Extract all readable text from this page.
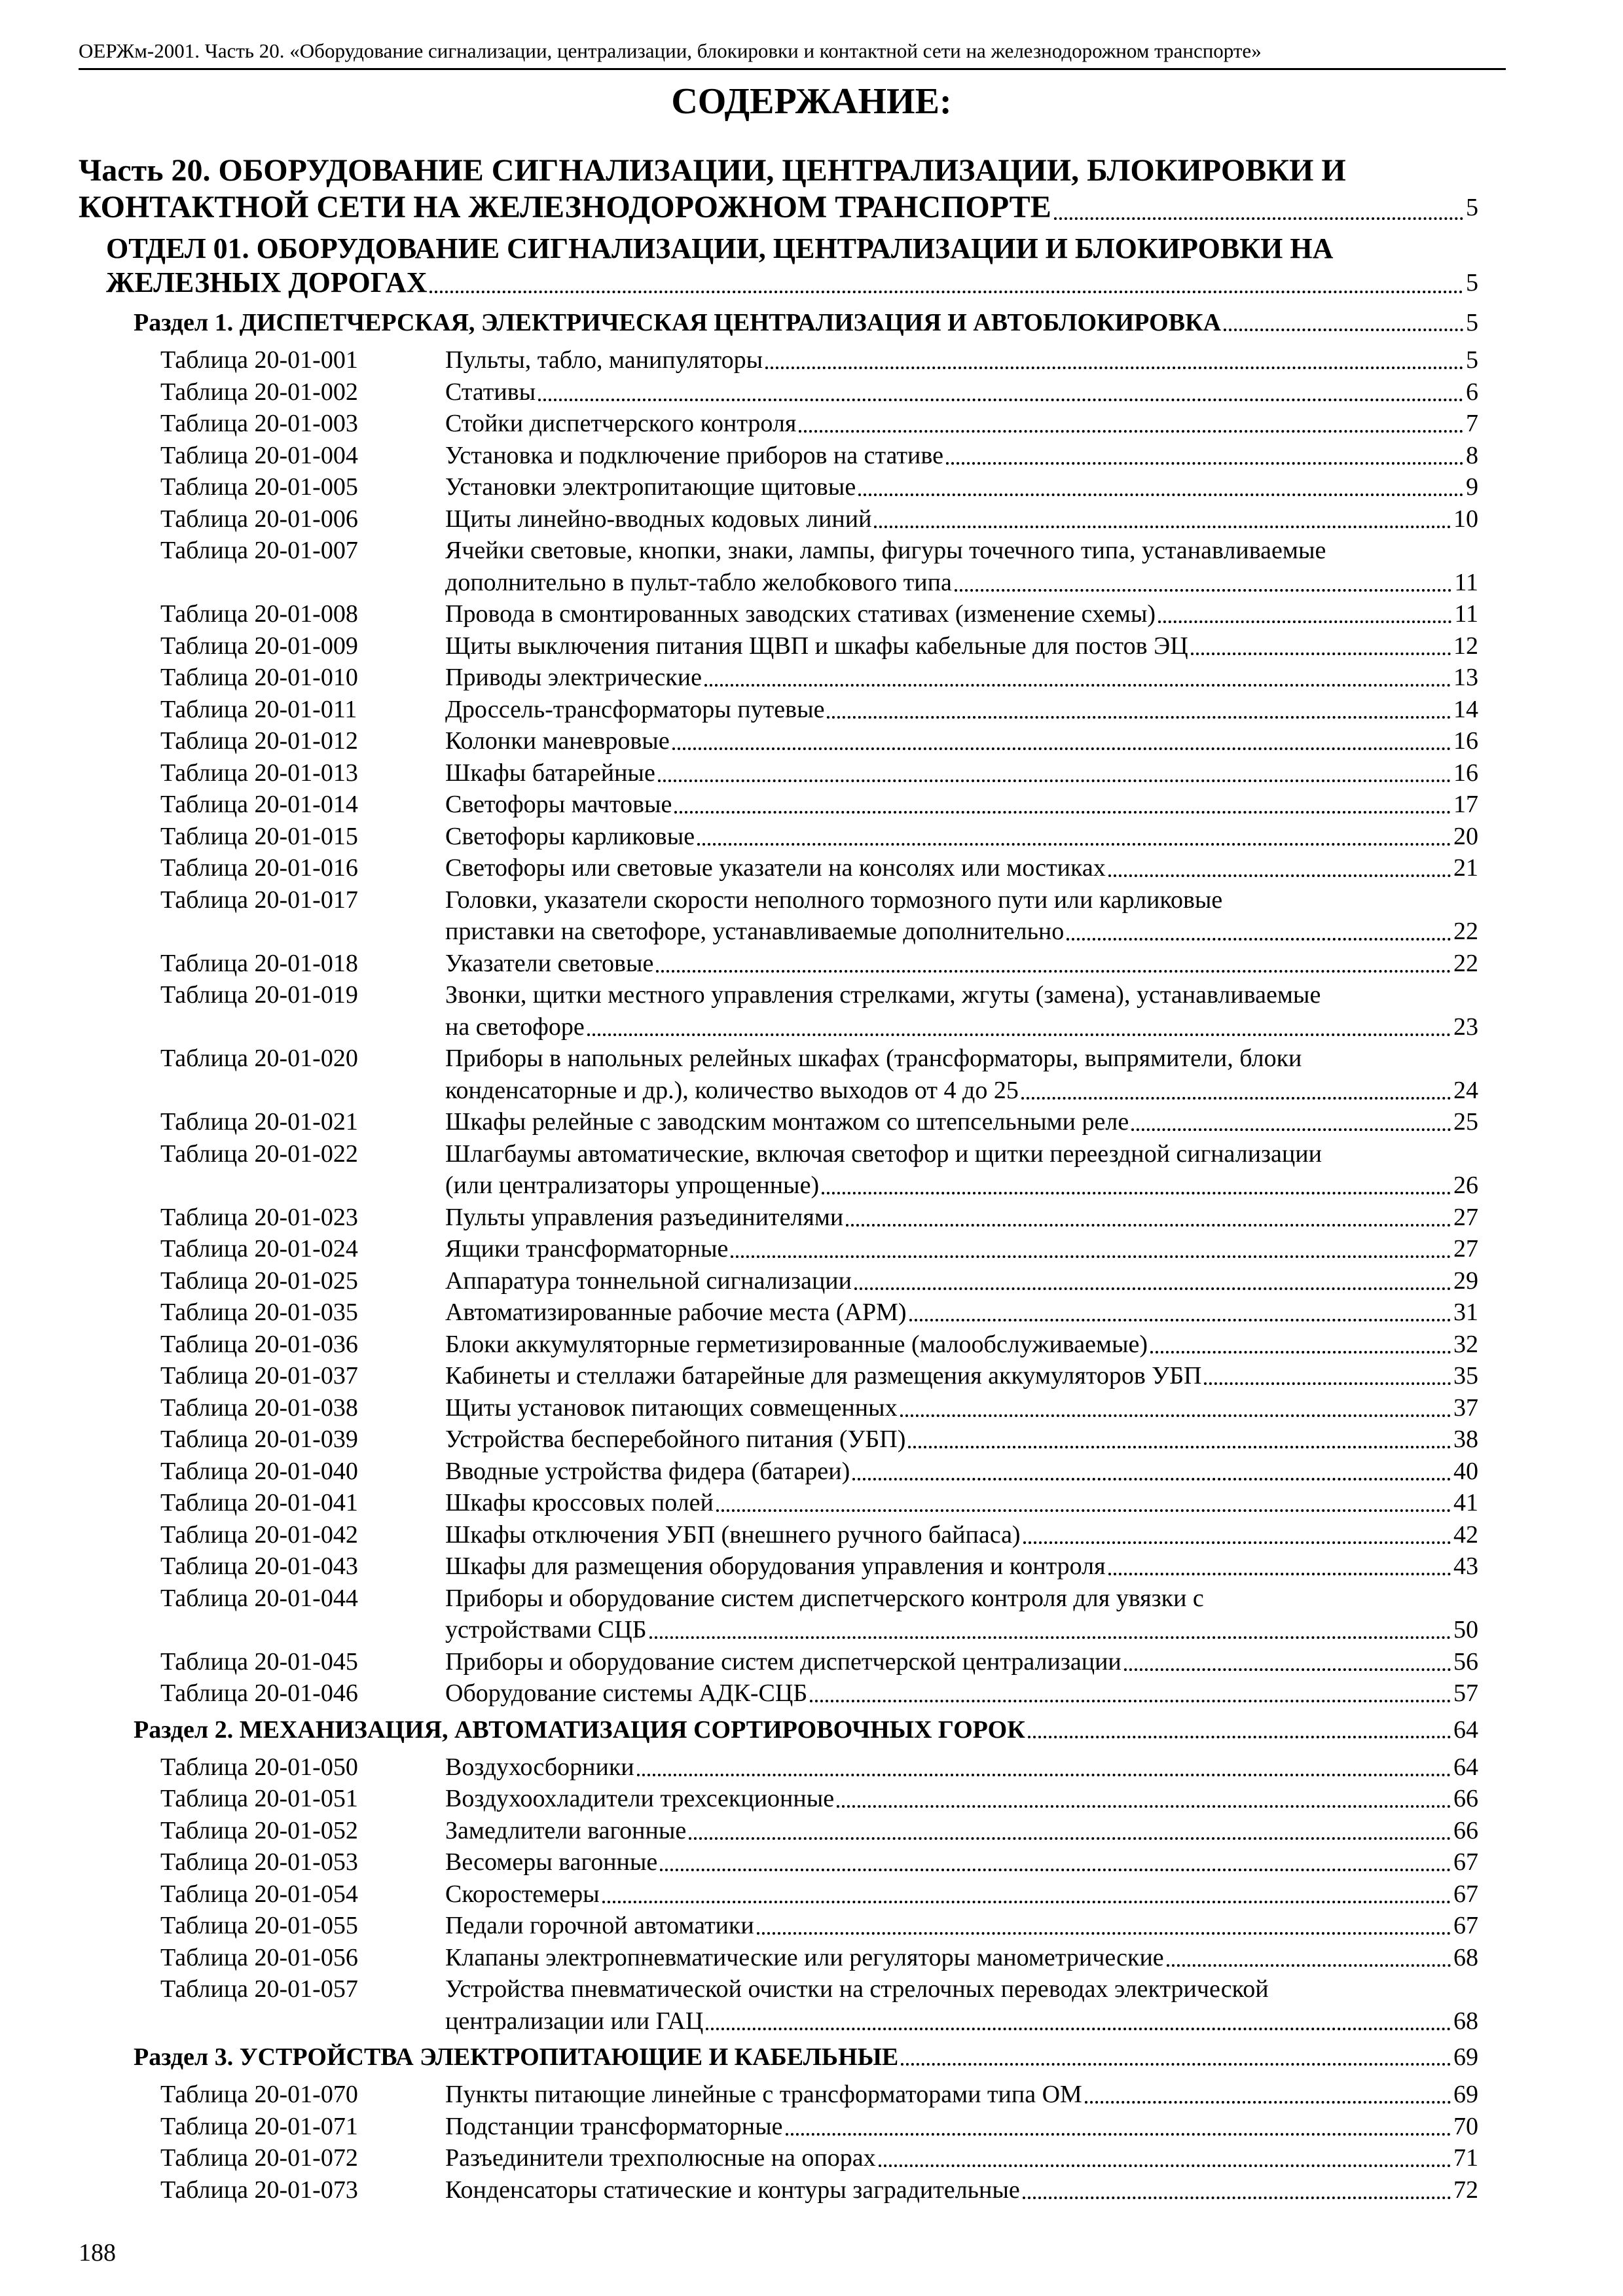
ОЕРЖм-2001. Часть 20. «Оборудование сигнализации, централизации, блокировки и контактной сети на железнодорожном транспорте»
СОДЕРЖАНИЕ:
Часть 20. ОБОРУДОВАНИЕ СИГНАЛИЗАЦИИ, ЦЕНТРАЛИЗАЦИИ, БЛОКИРОВКИ И
КОНТАКТНОЙ СЕТИ НА ЖЕЛЕЗНОДОРОЖНОМ ТРАНСПОРТЕ	5
ОТДЕЛ 01. ОБОРУДОВАНИЕ СИГНАЛИЗАЦИИ, ЦЕНТРАЛИЗАЦИИ И БЛОКИРОВКИ НА
ЖЕЛЕЗНЫХ ДОРОГАХ	5
Раздел 1. ДИСПЕТЧЕРСКАЯ, ЭЛЕКТРИЧЕСКАЯ ЦЕНТРАЛИЗАЦИЯ И АВТОБЛОКИРОВКА	5
Таблица 20-01-001	Пульты, табло, манипуляторы	5
Таблица 20-01-002	Стативы	6
Таблица 20-01-003	Стойки диспетчерского контроля	7
Таблица 20-01-004	Установка и подключение приборов на стативе	8
Таблица 20-01-005	Установки электропитающие щитовые	9
Таблица 20-01-006	Щиты линейно-вводных кодовых линий	10
Таблица 20-01-007	Ячейки световые, кнопки, знаки, лампы, фигуры точечного типа, устанавливаемые
дополнительно в пульт-табло желобкового типа	11
Таблица 20-01-008	Провода в смонтированных заводских стативах (изменение схемы)	11
Таблица 20-01-009	Щиты выключения питания ЩВП и шкафы кабельные для постов ЭЦ	12
Таблица 20-01-010	Приводы электрические	13
Таблица 20-01-011	Дроссель-трансформаторы путевые	14
Таблица 20-01-012	Колонки маневровые	16
Таблица 20-01-013	Шкафы батарейные	16
Таблица 20-01-014	Светофоры мачтовые	17
Таблица 20-01-015	Светофоры карликовые	20
Таблица 20-01-016	Светофоры или световые указатели на консолях или мостиках	21
Таблица 20-01-017	Головки, указатели скорости неполного тормозного пути или карликовые
приставки на светофоре, устанавливаемые дополнительно	22
Таблица 20-01-018	Указатели световые	22
Таблица 20-01-019	Звонки, щитки местного управления стрелками, жгуты (замена), устанавливаемые
на светофоре	23
Таблица 20-01-020	Приборы в напольных релейных шкафах (трансформаторы, выпрямители, блоки
конденсаторные и др.), количество выходов от 4 до 25	24
Таблица 20-01-021	Шкафы релейные с заводским монтажом со штепсельными реле	25
Таблица 20-01-022	Шлагбаумы автоматические, включая светофор и щитки переездной сигнализации
(или централизаторы упрощенные)	26
Таблица 20-01-023	Пульты управления разъединителями	27
Таблица 20-01-024	Ящики трансформаторные	27
Таблица 20-01-025	Аппаратура тоннельной сигнализации	29
Таблица 20-01-035	Автоматизированные рабочие места (АРМ)	31
Таблица 20-01-036	Блоки аккумуляторные герметизированные (малообслуживаемые)	32
Таблица 20-01-037	Кабинеты и стеллажи батарейные для размещения аккумуляторов УБП	35
Таблица 20-01-038	Щиты установок питающих совмещенных	37
Таблица 20-01-039	Устройства бесперебойного питания (УБП)	38
Таблица 20-01-040	Вводные устройства фидера (батареи)	40
Таблица 20-01-041	Шкафы кроссовых полей	41
Таблица 20-01-042	Шкафы отключения УБП (внешнего ручного байпаса)	42
Таблица 20-01-043	Шкафы для размещения оборудования управления и контроля	43
Таблица 20-01-044	Приборы и оборудование систем диспетчерского контроля для увязки с
устройствами СЦБ	50
Таблица 20-01-045	Приборы и оборудование систем диспетчерской централизации	56
Таблица 20-01-046	Оборудование системы АДК-СЦБ	57
Раздел 2. МЕХАНИЗАЦИЯ, АВТОМАТИЗАЦИЯ СОРТИРОВОЧНЫХ ГОРОК	64
Таблица 20-01-050	Воздухосборники	64
Таблица 20-01-051	Воздухоохладители трехсекционные	66
Таблица 20-01-052	Замедлители вагонные	66
Таблица 20-01-053	Весомеры вагонные	67
Таблица 20-01-054	Скоростемеры	67
Таблица 20-01-055	Педали горочной автоматики	67
Таблица 20-01-056	Клапаны электропневматические или регуляторы манометрические	68
Таблица 20-01-057	Устройства пневматической очистки на стрелочных переводах электрической
централизации или ГАЦ	68
Раздел 3. УСТРОЙСТВА ЭЛЕКТРОПИТАЮЩИЕ И КАБЕЛЬНЫЕ	69
Таблица 20-01-070	Пункты питающие линейные с трансформаторами типа ОМ	69
Таблица 20-01-071	Подстанции трансформаторные	70
Таблица 20-01-072	Разъединители трехполюсные на опорах	71
Таблица 20-01-073	Конденсаторы статические и контуры заградительные	72
188
